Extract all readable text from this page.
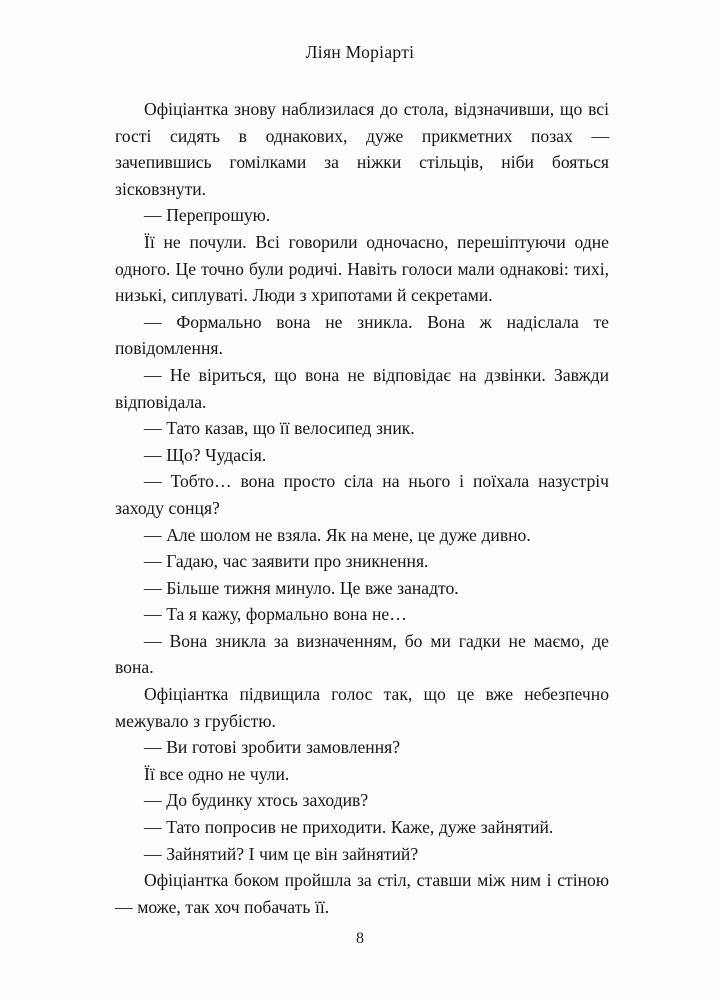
Ліян Моріарті

Офіціантка знову наблизилася до стола, відзначивши, що всі гості сидять в однакових, дуже прикметних позах — зачепившись гомілками за ніжки стільців, ніби бояться зісковзнути.

— Перепрошую.

Її не почули. Всі говорили одночасно, перешіптуючи одне одного. Це точно були родичі. Навіть голоси мали однакові: тихі, низькі, сиплуваті. Люди з хрипотами й секретами.

— Формально вона не зникла. Вона ж надіслала те повідомлення.

— Не віриться, що вона не відповідає на дзвінки. Завжди відповідала.

— Тато казав, що її велосипед зник.

— Що? Чудасія.

— Тобто… вона просто сіла на нього і поїхала назустріч заходу сонця?

— Але шолом не взяла. Як на мене, це дуже дивно.

— Гадаю, час заявити про зникнення.

— Більше тижня минуло. Це вже занадто.

— Та я кажу, формально вона не…

— Вона зникла за визначенням, бо ми гадки не маємо, де вона.

Офіціантка підвищила голос так, що це вже небезпечно межувало з грубістю.

— Ви готові зробити замовлення?

Її все одно не чули.

— До будинку хтось заходив?

— Тато попросив не приходити. Каже, дуже зайнятий.

— Зайнятий? І чим це він зайнятий?

Офіціантка боком пройшла за стіл, ставши між ним і стіною — може, так хоч побачать її.

8
